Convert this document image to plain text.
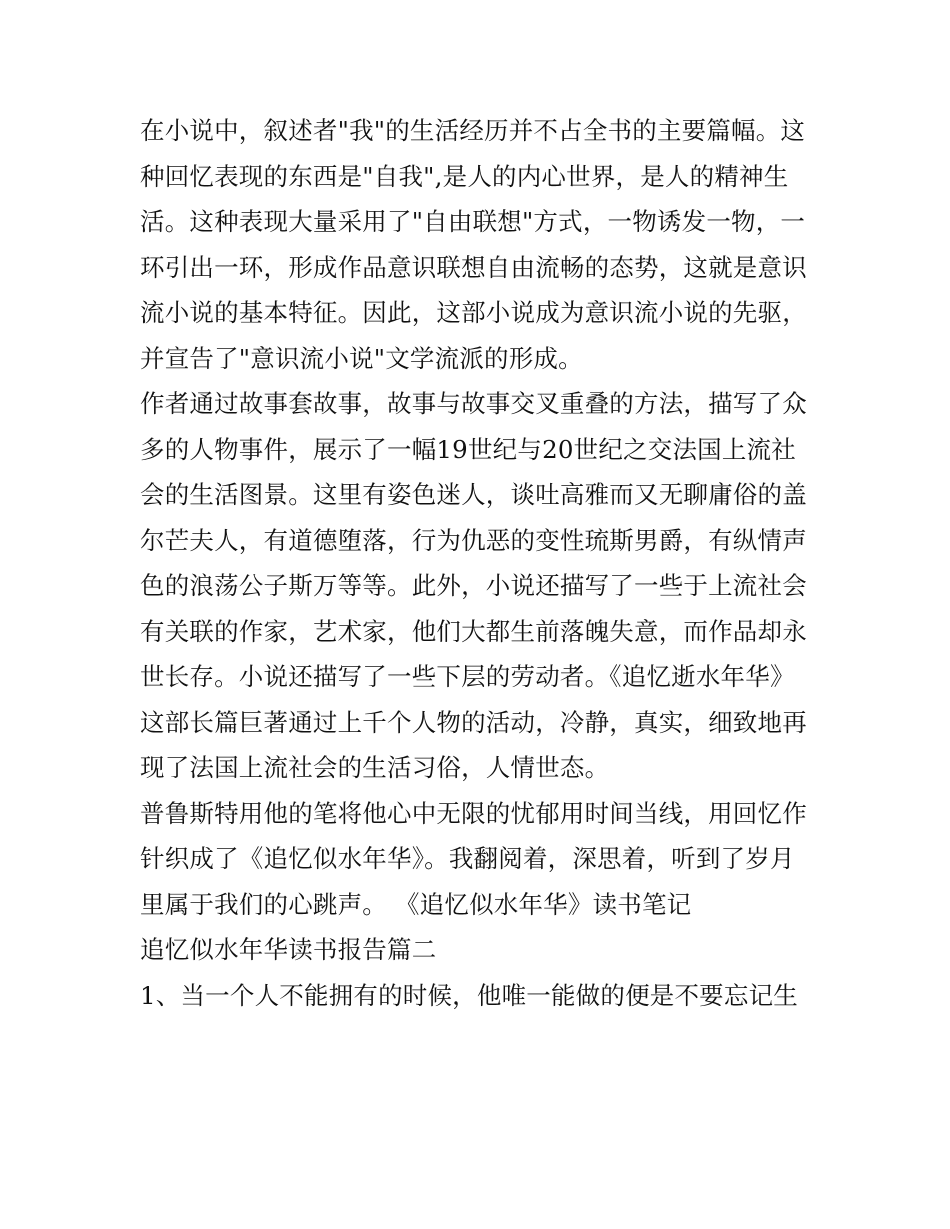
在小说中，叙述者"我"的生活经历并不占全书的主要篇幅。这
种回忆表现的东西是"自我",是人的内心世界，是人的精神生
活。这种表现大量采用了"自由联想"方式，一物诱发一物，一
环引出一环，形成作品意识联想自由流畅的态势，这就是意识
流小说的基本特征。因此，这部小说成为意识流小说的先驱，
并宣告了"意识流小说"文学流派的形成。
作者通过故事套故事，故事与故事交叉重叠的方法，描写了众
多的人物事件，展示了一幅19世纪与20世纪之交法国上流社
会的生活图景。这里有姿色迷人，谈吐高雅而又无聊庸俗的盖
尔芒夫人，有道德堕落，行为仇恶的变性琉斯男爵，有纵情声
色的浪荡公子斯万等等。此外，小说还描写了一些于上流社会
有关联的作家，艺术家，他们大都生前落魄失意，而作品却永
世长存。小说还描写了一些下层的劳动者。《追忆逝水年华》
这部长篇巨著通过上千个人物的活动，冷静，真实，细致地再
现了法国上流社会的生活习俗，人情世态。
普鲁斯特用他的笔将他心中无限的忧郁用时间当线，用回忆作
针织成了《追忆似水年华》。我翻阅着，深思着，听到了岁月
里属于我们的心跳声。 《追忆似水年华》读书笔记
追忆似水年华读书报告篇二
1、当一个人不能拥有的时候，他唯一能做的便是不要忘记生
